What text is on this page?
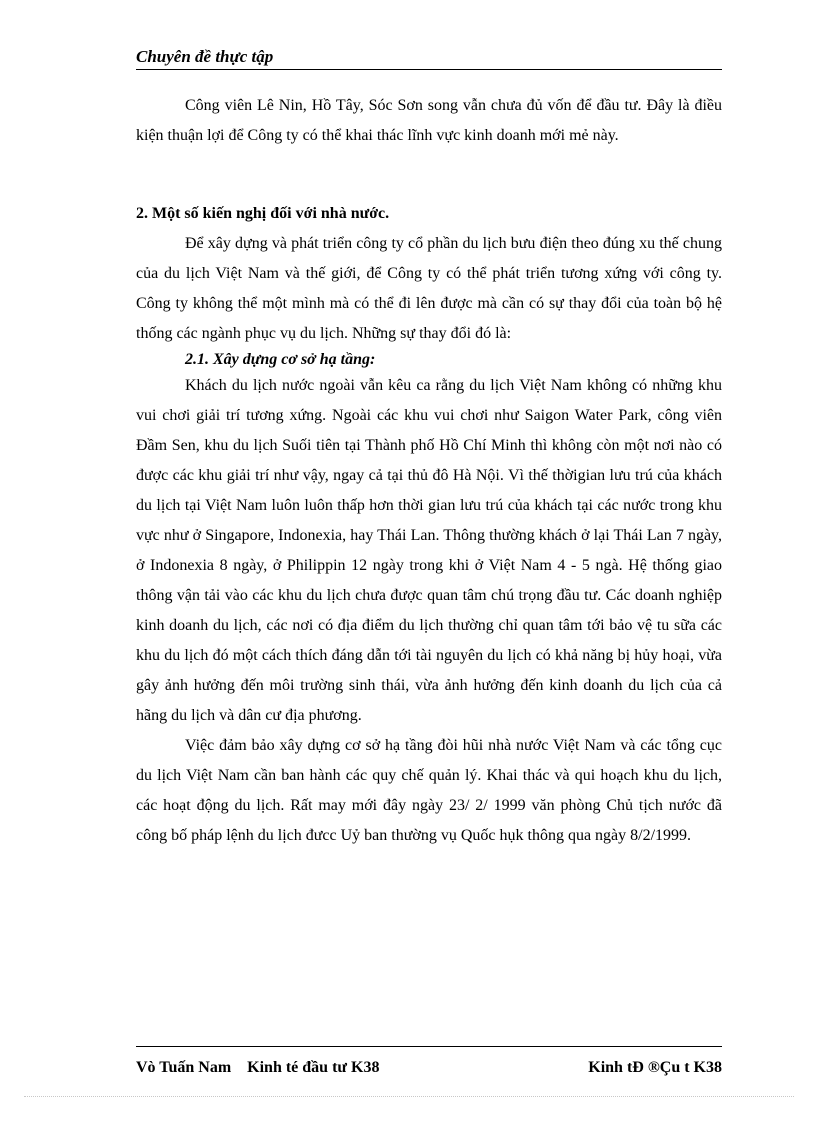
Chuyên đề thực tập

Công viên Lê Nin, Hồ Tây, Sóc Sơn song vẫn chưa đủ vốn để đầu tư. Đây là điều kiện thuận lợi để Công ty có thể khai thác lĩnh vực kinh doanh mới mẻ này.

2. Một số kiến nghị đối với nhà nước.

Để xây dựng và phát triển công ty cổ phần du lịch bưu điện theo đúng xu thế chung của du lịch Việt Nam và thế giới, để Công ty có thể phát triển tương xứng với công ty. Công ty không thể một mình mà có thể đi lên được mà cần có sự thay đổi của toàn bộ hệ thống các ngành phục vụ du lịch. Những sự thay đổi đó là:

2.1. Xây dựng cơ sở hạ tầng:

Khách du lịch nước ngoài vẫn kêu ca rằng du lịch Việt Nam không có những khu vui chơi giải trí tương xứng. Ngoài các khu vui chơi như Saigon Water Park, công viên Đầm Sen, khu du lịch Suối tiên tại Thành phố Hồ Chí Minh thì không còn một nơi nào có được các khu giải trí như vậy, ngay cả tại thủ đô Hà Nội. Vì thế thờigian lưu trú của khách du lịch tại Việt Nam luôn luôn thấp hơn thời gian lưu trú của khách tại các nước trong khu vực như ở Singapore, Indonexia, hay Thái Lan. Thông thường khách ở lại Thái Lan 7 ngày, ở Indonexia 8 ngày, ở Philippin 12 ngày trong khi ở Việt Nam 4 - 5 ngà. Hệ thống giao thông vận tải vào các khu du lịch chưa được quan tâm chú trọng đầu tư. Các doanh nghiệp kinh doanh du lịch, các nơi có địa điểm du lịch thường chỉ quan tâm tới bảo vệ tu sữa các khu du lịch đó một cách thích đáng dẫn tới tài nguyên du lịch có khả năng bị hủy hoại, vừa gây ảnh hưởng đến môi trường sinh thái, vừa ảnh hưởng đến kinh doanh du lịch của cả hãng du lịch và dân cư địa phương.

Việc đảm bảo xây dựng cơ sở hạ tầng đòi hũi nhà nước Việt Nam và các tổng cục du lịch Việt Nam cần ban hành các quy chế quản lý. Khai thác và qui hoạch khu du lịch, các hoạt động du lịch. Rất may mới đây ngày 23/ 2/ 1999 văn phòng Chủ tịch nước đã công bố pháp lệnh du lịch đưcc Uỷ ban thường vụ Quốc hụk thông qua ngày 8/2/1999.

Vò Tuấn Nam Kinh té đầu tư K38	Kinh tĐ ®Çu t K38
